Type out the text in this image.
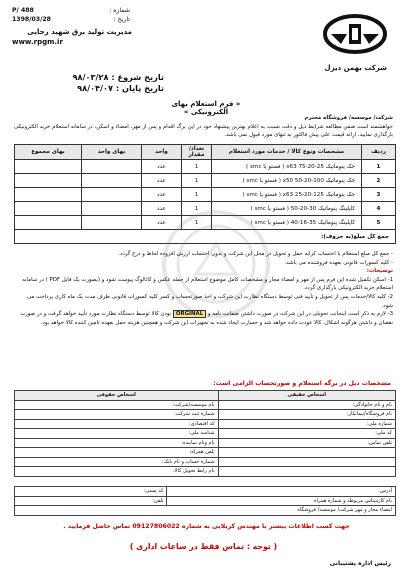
شماره :
P/ 488
تاریخ :
1398/03/28
مدیریت تولید برق شهید رجایی
www.rpgm.ir
شرکت بهمن دیزل
تاریخ شروع : ۹۸/۰۳/۲۸
تاریخ پایان : ۹۸/۰۴/۰۷
« فرم استعلام بهای الکترونیکی »
شرکت/ موسسه/ فروشگاه محترم
خواهشمند است ضمن مطالعه شرایط ذیل و دقت نسبت به اعلام بهترین پیشنهاد خود در این برگ اقدام و پس از مهر، امضاء و اسکن، در سامانه استعلام خرید الکترونیکی بارگذاری نمایید، ارائه قیمت علی پیش فاکتور به تنهای مورد قبول نمی باشد.
ردیف	مشخصات ونوع کالا / خدمات مورد استعلام	تعداد/ مقدار	واحد	بهای واحد	بهای مجموع
1	جک پنوماتیک 25-20-75 x63 ( فستو یا smc )	1	عدد		
2	جک پنوماتیک 100-20-50 x50 ( فستو یا smc )	1	عدد		
3	جک پنوماتیک 125-20-25 x63 ( فستو یا smc )	1	عدد		
4	کاپلینگ پنوماتیک 30-20-50 ( فستو یا smc )	1	عدد		
5	کاپلینگ پنوماتیک 35-16-40 ( فستو یا smc )	1	عدد		
جمع کل مبلغ(به حروف):					
- جمع کل مبلغ استعلام با احتساب کرایه حمل و تحویل در محل این شرکت و بدون احتساب ارزش افزوده لحاظ و درج گردد.
- کلیه کسورات قانونی بعهده فروشنده می باشد.
توضیحات:
1- اسکن تکمیل شده این فرم پس از مهر و امضاء مجاز و مشخصات کامل موضوع استعلام از جمله عکس و کاتالوگ پیوست شود و (بصورت یک فایل PDF ) در سامانه استعلام خرید الکترونیکی بارگذاری گردد.
2- کلیه کالا/خدمات پس از تحویل و تأیید فنی توسط دستگاه نظارت این شرکت و اخذ صورتحساب و کسر کلیه کسورات قانونی ظرف مدت یک ماه کاری پرداخت می شود.
3- لازم به ذکر است اینجانب تحویلی در این شرکت در صورت داشتن ضمانت نامه و ORGINAL بودن کالا توسط دستگاه نظارت مورد تأیید خواهد گرفت و در صورت نقصان و داشتن هرگونه اشکال، کالا عودت داده خواهد شد و خسارت ایجاد شده به تجهیزات این شرکت و همچنین هزینه حمل بعهده تامین کننده کالا خواهد بود.
مشخصات ذیل در برگه استعلام و صورتحساب الزامی است:
اشخاص حقیقی	اشخاص حقوقی
نام و نام خانوادگی:	نام موسسه/شرکت:
نام فروشگاه/پیمانکار:	شماره ثبت شرکت:
شماره ملی:	کد اقتصادی:
کد ملی:	شناسه ملی:
تلفن تماس:	نام ونام نماینده:
	تلفن همراه:
	شماره حساب و نام بانک:
	نام رابط تحویل کالا:
آدرس:	کد پستی:
نام کارشناس مربوطه و شماره همراه	تلفن:
امضاء مجاز و مهر شرکت/ موسسه/ فروشگاه	
جهت کسب اطلاعات بیشتر با مهندس کربلایی به شماره 09127806022 تماس حاصل فرمایید .
( توجه : تماس فقط در ساعات اداری )
رئیس اداره پشتیبانی
